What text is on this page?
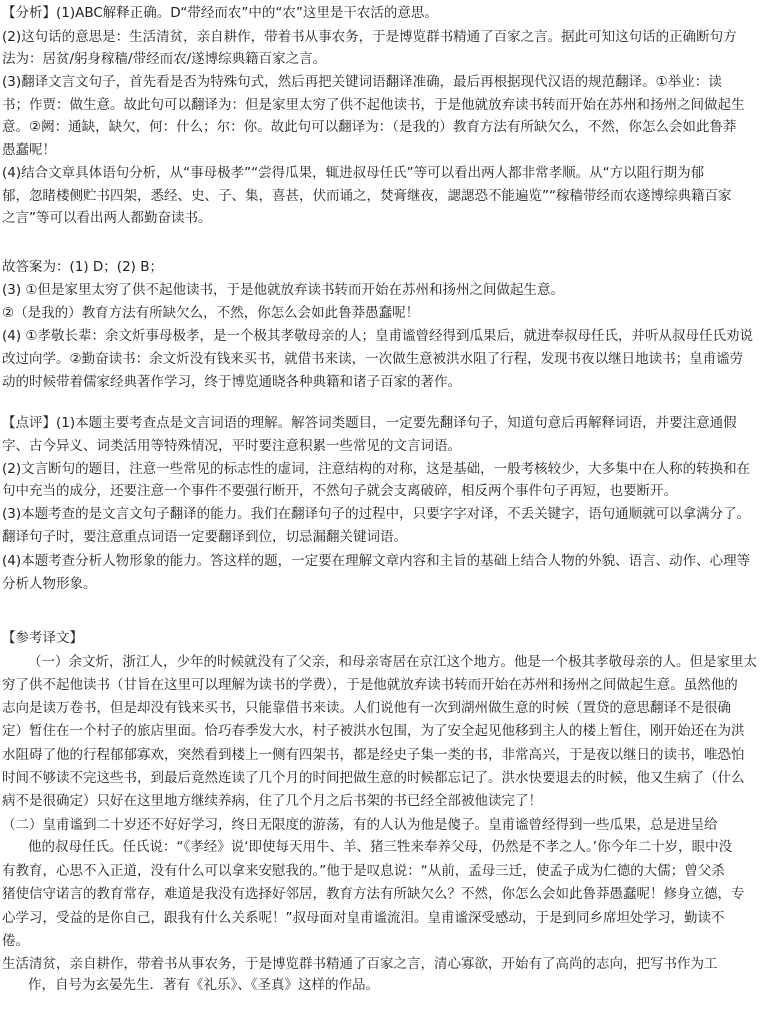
【分析】(1)ABC解释正确。D“带经而农”中的“农”这里是干农活的意思。
(2)这句话的意思是：生活清贫，亲自耕作，带着书从事农务，于是博览群书精通了百家之言。据此可知这句话的正确断句方
法为：居贫/躬身稼穑/带经而农/遂博综典籍百家之言。
(3)翻译文言文句子，首先看是否为特殊句式，然后再把关键词语翻译准确，最后再根据现代汉语的规范翻译。①举业：读
书；作贾：做生意。故此句可以翻译为：但是家里太穷了供不起他读书，于是他就放弃读书转而开始在苏州和扬州之间做起生
意。②阙：通缺，缺欠，何：什么；尔：你。故此句可以翻译为：（是我的）教育方法有所缺欠么，不然，你怎么会如此鲁莽
愚蠢呢！
(4)结合文章具体语句分析，从“事母极孝”“尝得瓜果，辄进叔母任氏”等可以看出两人都非常孝顺。从“方以阻行期为郁
郁，忽睹楼侧贮书四架，悉经、史、子、集，喜甚，伏而诵之，焚膏继夜，諰諰恐不能遍览”“稼穑带经而农遂博综典籍百家
之言”等可以看出两人都勤奋读书。
故答案为：(1) D；(2) B；
(3) ①但是家里太穷了供不起他读书，于是他就放弃读书转而开始在苏州和扬州之间做起生意。
②（是我的）教育方法有所缺欠么，不然，你怎么会如此鲁莽愚蠢呢！
(4) ①孝敬长辈：余文炘事母极孝，是一个极其孝敬母亲的人；皇甫谧曾经得到瓜果后，就进奉叔母任氏，并听从叔母任氏劝说
改过向学。②勤奋读书：余文炘没有钱来买书，就借书来读，一次做生意被洪水阻了行程，发现书夜以继日地读书；皇甫谧劳
动的时候带着儒家经典著作学习，终于博览通晓各种典籍和诸子百家的著作。
【点评】(1)本题主要考查点是文言词语的理解。解答词类题目，一定要先翻译句子，知道句意后再解释词语，并要注意通假
字、古今异义、词类活用等特殊情况，平时要注意积累一些常见的文言词语。
(2)文言断句的题目，注意一些常见的标志性的虚词，注意结构的对称，这是基础，一般考核较少，大多集中在人称的转换和在
句中充当的成分，还要注意一个事件不要强行断开，不然句子就会支离破碎，相反两个事件句子再短，也要断开。
(3)本题考查的是文言文句子翻译的能力。我们在翻译句子的过程中，只要字字对译，不丢关键字，语句通顺就可以拿满分了。
翻译句子时，要注意重点词语一定要翻译到位，切忌漏翻关键词语。
(4)本题考查分析人物形象的能力。答这样的题，一定要在理解文章内容和主旨的基础上结合人物的外貌、语言、动作、心理等
分析人物形象。
【参考译文】
（一）余文炘，浙江人，少年的时候就没有了父亲，和母亲寄居在京江这个地方。他是一个极其孝敬母亲的人。但是家里太
穷了供不起他读书（甘旨在这里可以理解为读书的学费），于是他就放弃读书转而开始在苏州和扬州之间做起生意。虽然他的
志向是读万卷书，但是却没有钱来买书，只能靠借书来读。人们说他有一次到湖州做生意的时候（置贷的意思翻译不是很确
定）暂住在一个村子的旅店里面。恰巧春季发大水，村子被洪水包围，为了安全起见他移到主人的楼上暂住，刚开始还在为洪
水阻碍了他的行程郁郁寡欢，突然看到楼上一侧有四架书，都是经史子集一类的书，非常高兴，于是夜以继日的读书，唯恐怕
时间不够读不完这些书，到最后竟然连读了几个月的时间把做生意的时候都忘记了。洪水快要退去的时候，他又生病了（什么
病不是很确定）只好在这里地方继续养病，住了几个月之后书架的书已经全部被他读完了！
（二）皇甫谧到二十岁还不好好学习，终日无限度的游荡，有的人认为他是傻子。皇甫谧曾经得到一些瓜果，总是进呈给
他的叔母任氏。任氏说：“《孝经》说‘即使每天用牛、羊、猪三牲来奉养父母，仍然是不孝之人。’你今年二十岁，眼中没
有教育，心思不入正道，没有什么可以拿来安慰我的。”他于是叹息说：“从前，孟母三迁，使孟子成为仁德的大儒；曾父杀
猪使信守诺言的教育常存，难道是我没有选择好邻居，教育方法有所缺欠么？不然，你怎么会如此鲁莽愚蠢呢！修身立德，专
心学习，受益的是你自己，跟我有什么关系呢！”叔母面对皇甫谧流泪。皇甫谧深受感动，于是到同乡席坦处学习，勤读不
倦。
生活清贫，亲自耕作，带着书从事农务，于是博览群书精通了百家之言，清心寡欲，开始有了高尚的志向，把写书作为工
作，自号为玄晏先生．著有《礼乐》、《圣真》这样的作品。
